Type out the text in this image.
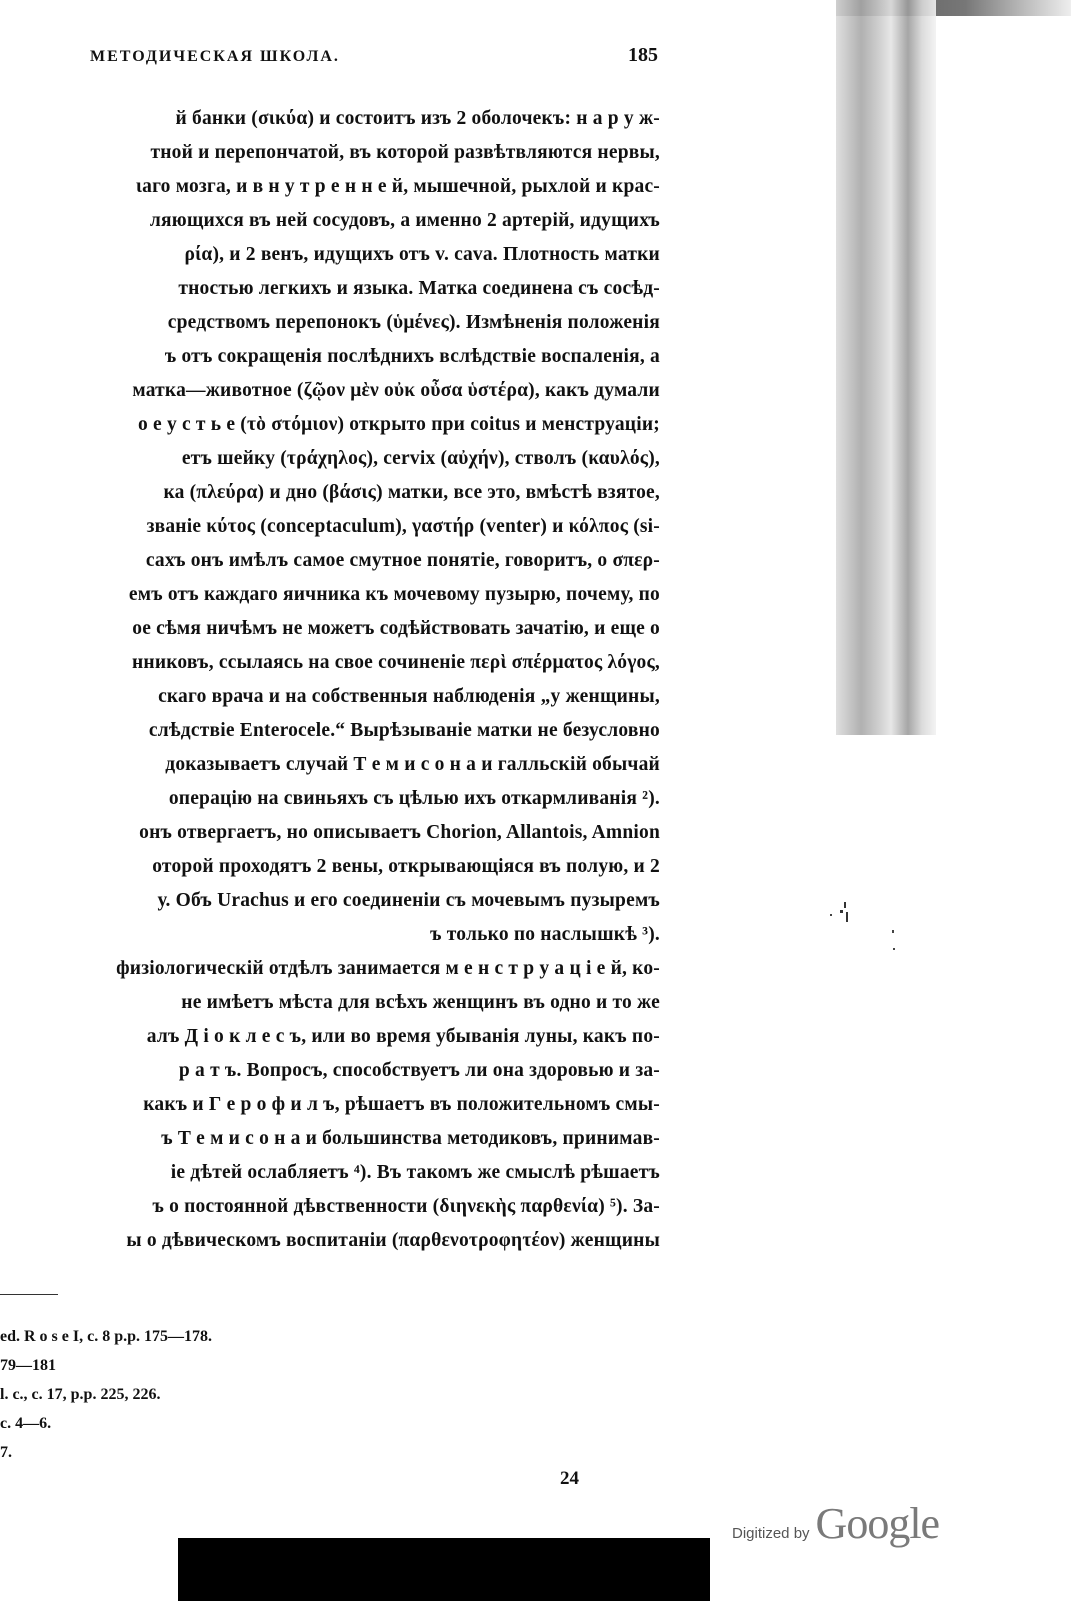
МЕТОДИЧЕСКАЯ ШКОЛА.	185
й банки (σικύα) и состоитъ изъ 2 оболочекъ: н а р у ж-
тной и перепончатой, въ которой развѣтвляются нервы,
ιаго мозга, и в н у т р е н н е й, мышечной, рыхлой и крас-
ляющихся въ ней сосудовъ, а именно 2 артерій, идущихъ
ρία), и 2 венъ, идущихъ отъ v. cava. Плотность матки
тностью легкихъ и языка. Матка соединена съ сосѣд-
средствомъ перепонокъ (ὑμένες). Измѣненія положенія
ъ отъ сокращенія послѣднихъ вслѣдствіе воспаленія, а
матка—животное (ζῷον μὲν οὐκ οὖσα ὑστέρα), какъ думали
о е у с т ь е (τὸ στόμιον) открыто при coitus и менструаціи;
етъ шейку (τράχηλος), cervix (αὐχήν), стволъ (καυλός),
ка (πλεύρα) и дно (βάσις) матки, все это, вмѣстѣ взятое,
званіе κύτος (conceptaculum), γαστήρ (venter) и κόλπος (si-
сахъ онъ имѣлъ самое смутное понятіе, говоритъ, о σπερ-
емъ отъ каждаго яичника къ мочевому пузырю, почему, по
ое сѣмя ничѣмъ не можетъ содѣйствовать зачатію, и еще о
нниковъ, ссылаясь на свое сочиненіе περὶ σπέρματος λόγος,
скаго врача и на собственныя наблюденія „у женщины,
слѣдствіе Enterocele.“ Вырѣзываніе матки не безусловно
доказываетъ случай Т е м и с о н а и галльскій обычай
операцію на свиньяхъ съ цѣлью ихъ откармливанія ²).
онъ отвергаетъ, но описываетъ Chorion, Allantois, Amnion
оторой проходятъ 2 вены, открывающіяся въ полую, и 2
у. Объ Urachus и его соединеніи съ мочевымъ пузыремъ
ъ только по наслышкѣ ³).
физіологическій отдѣлъ занимается м е н с т р у а ц і е й, ко-
не имѣетъ мѣста для всѣхъ женщинъ въ одно и то же
алъ Д і о к л е с ъ, или во время убыванія луны, какъ по-
р а т ъ. Вопросъ, способствуетъ ли она здоровью и за-
какъ и Г е р о ф и л ъ, рѣшаетъ въ положительномъ смы-
ъ Т е м и с о н а и большинства методиковъ, принимав-
іе дѣтей ослабляетъ ⁴). Въ такомъ же смыслѣ рѣшаетъ
ъ о постоянной дѣвственности (διηνεκὴς παρθενία) ⁵). За-
ы о дѣвическомъ воспитаніи (παρθενοτροφητέον) женщины
ed. R o s e I, c. 8 p.p. 175—178.
79—181
l. c., c. 17, p.p. 225, 226.
c. 4—6.
7.
24
Digitized by Google
